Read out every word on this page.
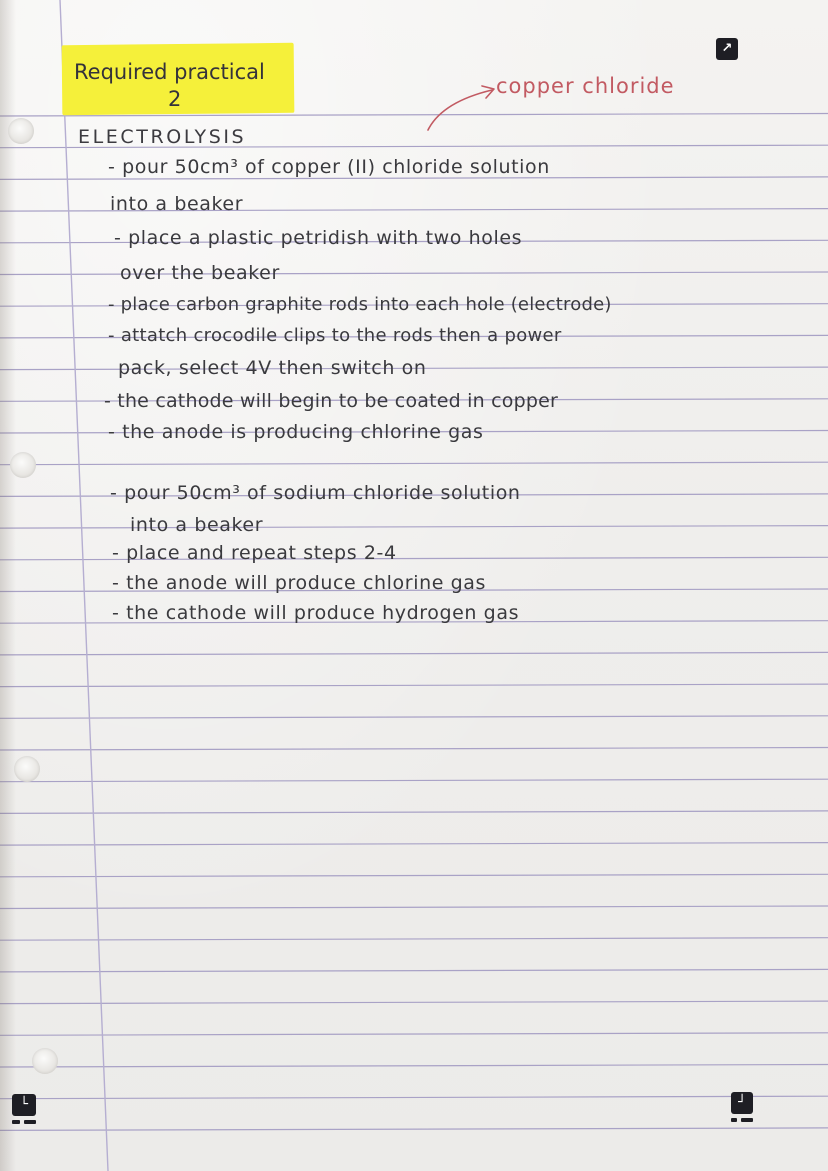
Required practical
2
copper chloride
ELECTROLYSIS
- pour 50cm³ of copper (II) chloride solution
into a beaker
- place a plastic petridish with two holes
over the beaker
- place carbon graphite rods into each hole (electrode)
- attatch crocodile clips to the rods then a power
pack, select 4V then switch on
- the cathode will begin to be coated in copper
- the anode is producing chlorine gas
- pour 50cm³ of sodium chloride solution
into a beaker
- place and repeat steps 2-4
- the anode will produce chlorine gas
- the cathode will produce hydrogen gas
↗
└	┘
